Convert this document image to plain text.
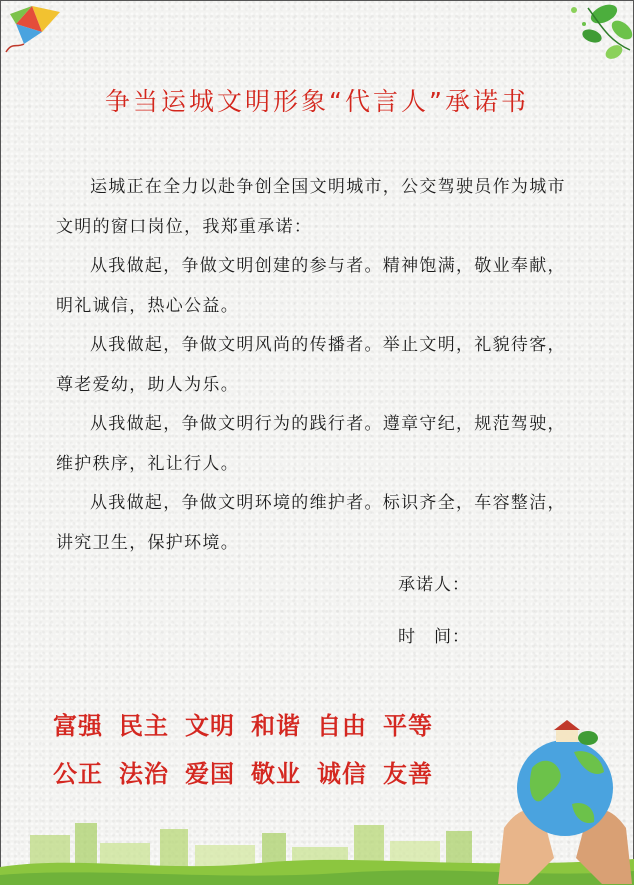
争当运城文明形象“代言人”承诺书

运城正在全力以赴争创全国文明城市，公交驾驶员作为城市文明的窗口岗位，我郑重承诺：

从我做起，争做文明创建的参与者。精神饱满，敬业奉献，明礼诚信，热心公益。

从我做起，争做文明风尚的传播者。举止文明，礼貌待客，尊老爱幼，助人为乐。

从我做起，争做文明行为的践行者。遵章守纪，规范驾驶，维护秩序，礼让行人。

从我做起，争做文明环境的维护者。标识齐全，车容整洁，讲究卫生，保护环境。

承诺人：
时　间：
富强 民主 文明 和谐 自由 平等
公正 法治 爱国 敬业 诚信 友善
